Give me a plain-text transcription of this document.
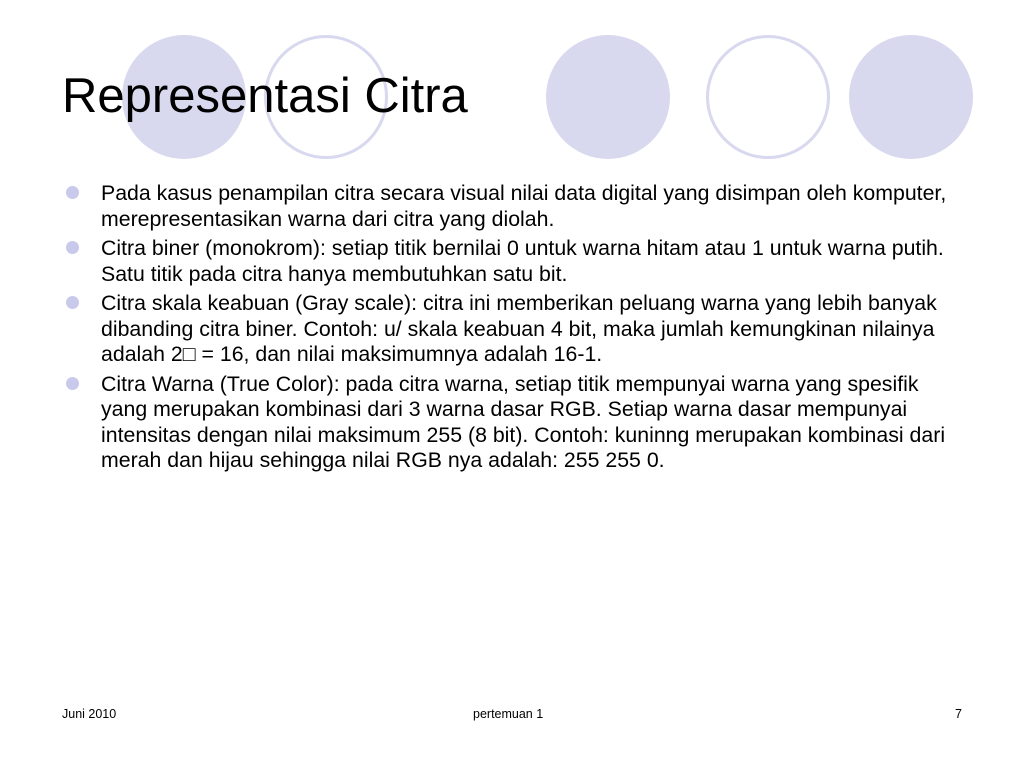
Representasi Citra
Pada kasus penampilan citra secara visual nilai data digital yang disimpan oleh komputer, merepresentasikan warna dari citra yang diolah.
Citra biner (monokrom): setiap titik bernilai 0 untuk warna hitam atau 1 untuk warna putih. Satu titik pada citra hanya membutuhkan satu bit.
Citra skala keabuan (Gray scale): citra ini memberikan peluang warna yang lebih banyak dibanding citra biner. Contoh: u/ skala keabuan 4 bit, maka jumlah kemungkinan nilainya adalah 2□ = 16, dan nilai maksimumnya adalah 16-1.
Citra Warna (True Color): pada citra warna, setiap titik mempunyai warna yang spesifik yang merupakan kombinasi dari 3 warna dasar RGB. Setiap warna dasar mempunyai intensitas dengan nilai maksimum 255 (8 bit). Contoh: kuninng merupakan kombinasi dari merah dan hijau sehingga nilai RGB nya adalah: 255 255 0.
Juni 2010	pertemuan 1	7
